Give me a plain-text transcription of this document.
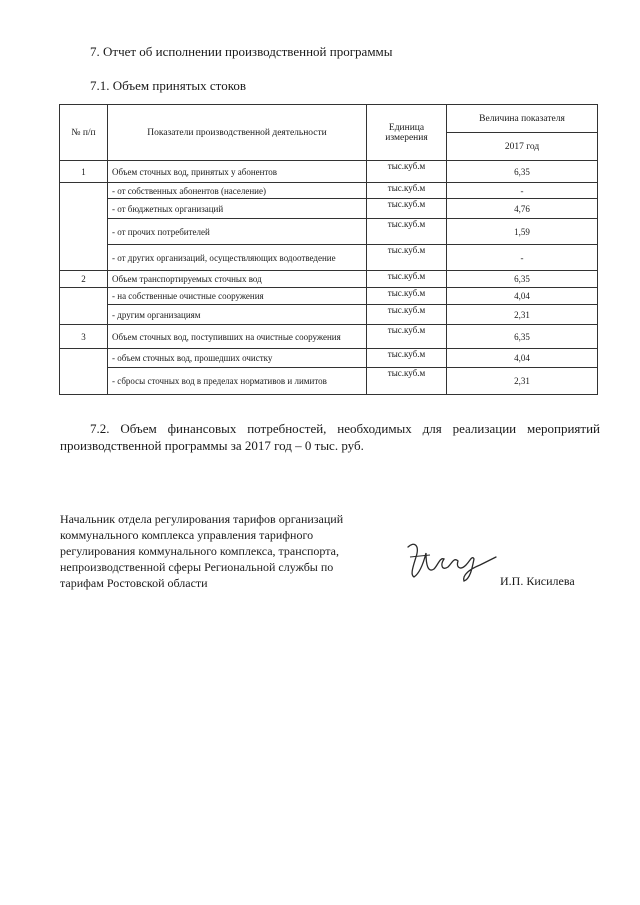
7. Отчет об исполнении производственной программы
7.1. Объем принятых стоков
№ п/п	Показатели производственной деятельности	Единица измерения	Величина показателя
			2017 год
1	Объем сточных вод, принятых у абонентов	тыс.куб.м	6,35
	- от собственных абонентов (население)	тыс.куб.м	-
	- от бюджетных организаций	тыс.куб.м	4,76
	- от прочих потребителей	тыс.куб.м	1,59
	- от других организаций, осуществляющих водоотведение	тыс.куб.м	-
2	Объем транспортируемых сточных вод	тыс.куб.м	6,35
	- на собственные очистные сооружения	тыс.куб.м	4,04
	- другим организациям	тыс.куб.м	2,31
3	Объем сточных вод, поступивших на очистные сооружения	тыс.куб.м	6,35
	- объем сточных вод, прошедших очистку	тыс.куб.м	4,04
	- сбросы сточных вод в пределах нормативов и лимитов	тыс.куб.м	2,31
7.2. Объем финансовых потребностей, необходимых для реализации мероприятий производственной программы за 2017 год – 0 тыс. руб.
Начальник отдела регулирования тарифов организаций
коммунального комплекса управления тарифного
регулирования коммунального комплекса, транспорта,
непроизводственной сферы Региональной службы по
тарифам Ростовской области	И.П. Кисилева
